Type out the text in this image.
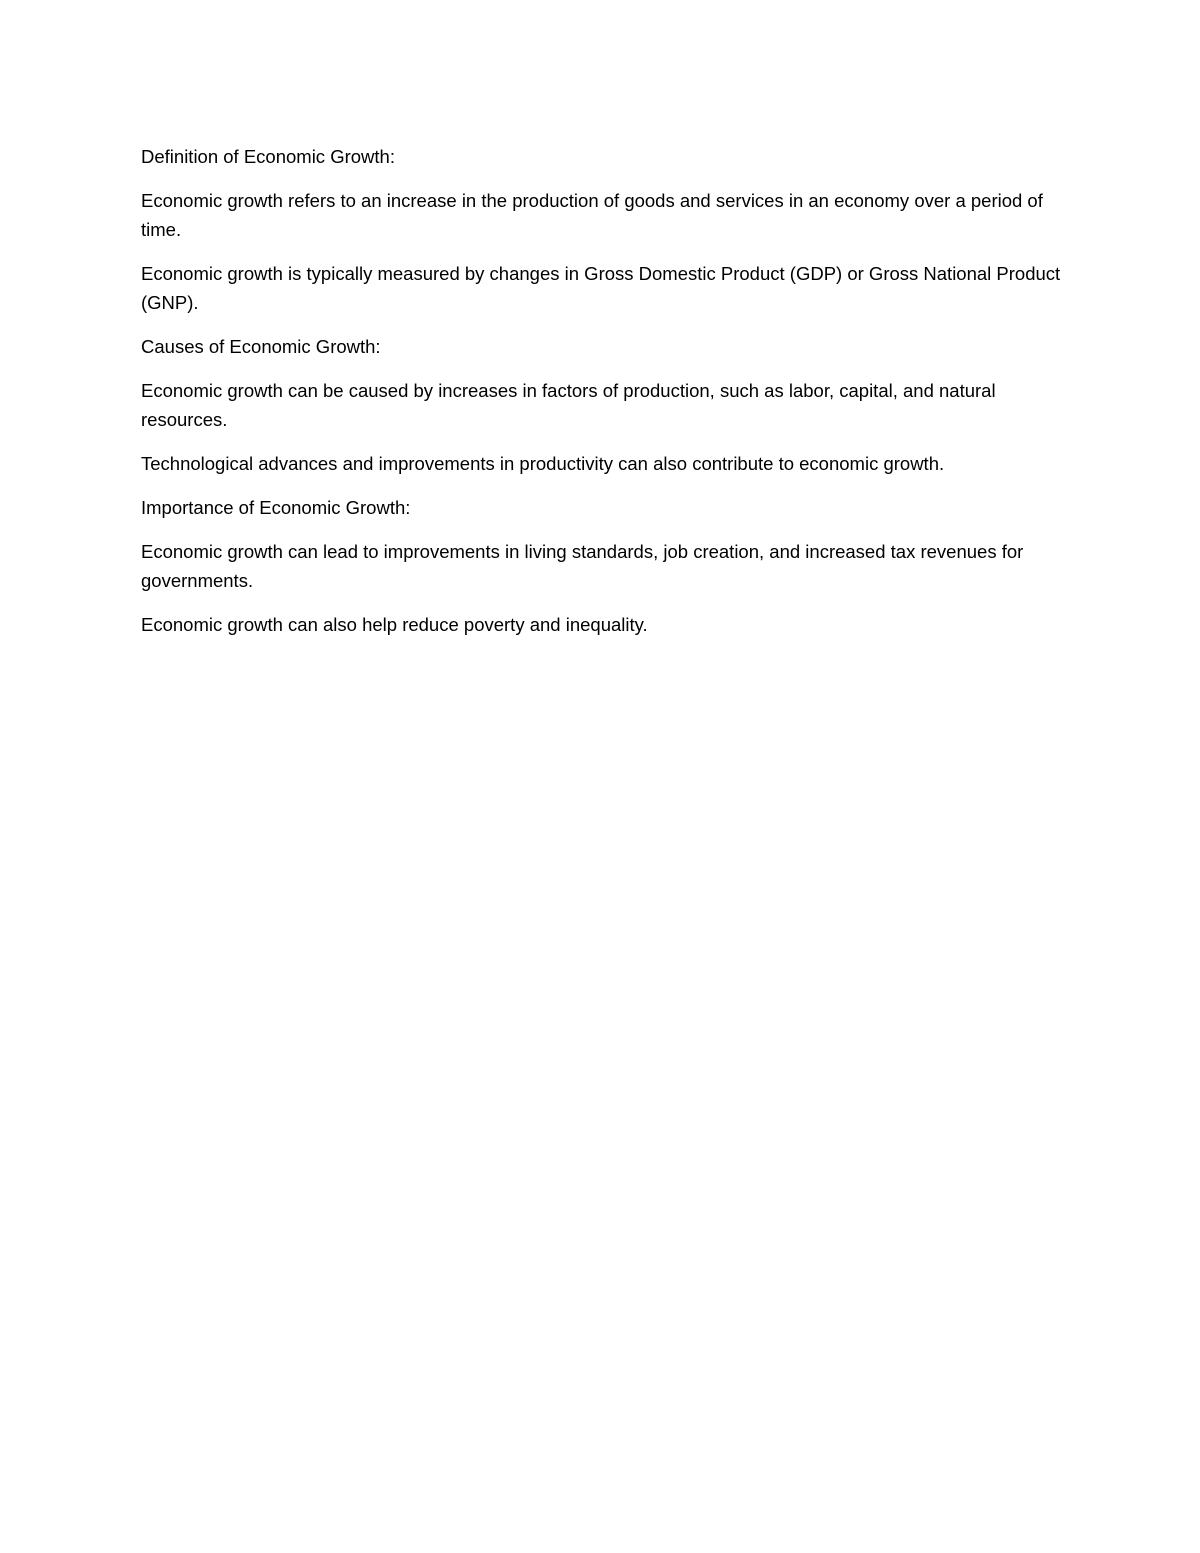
Definition of Economic Growth:

Economic growth refers to an increase in the production of goods and services in an economy over a period of time.

Economic growth is typically measured by changes in Gross Domestic Product (GDP) or Gross National Product (GNP).

Causes of Economic Growth:

Economic growth can be caused by increases in factors of production, such as labor, capital, and natural resources.

Technological advances and improvements in productivity can also contribute to economic growth.

Importance of Economic Growth:

Economic growth can lead to improvements in living standards, job creation, and increased tax revenues for governments.

Economic growth can also help reduce poverty and inequality.
